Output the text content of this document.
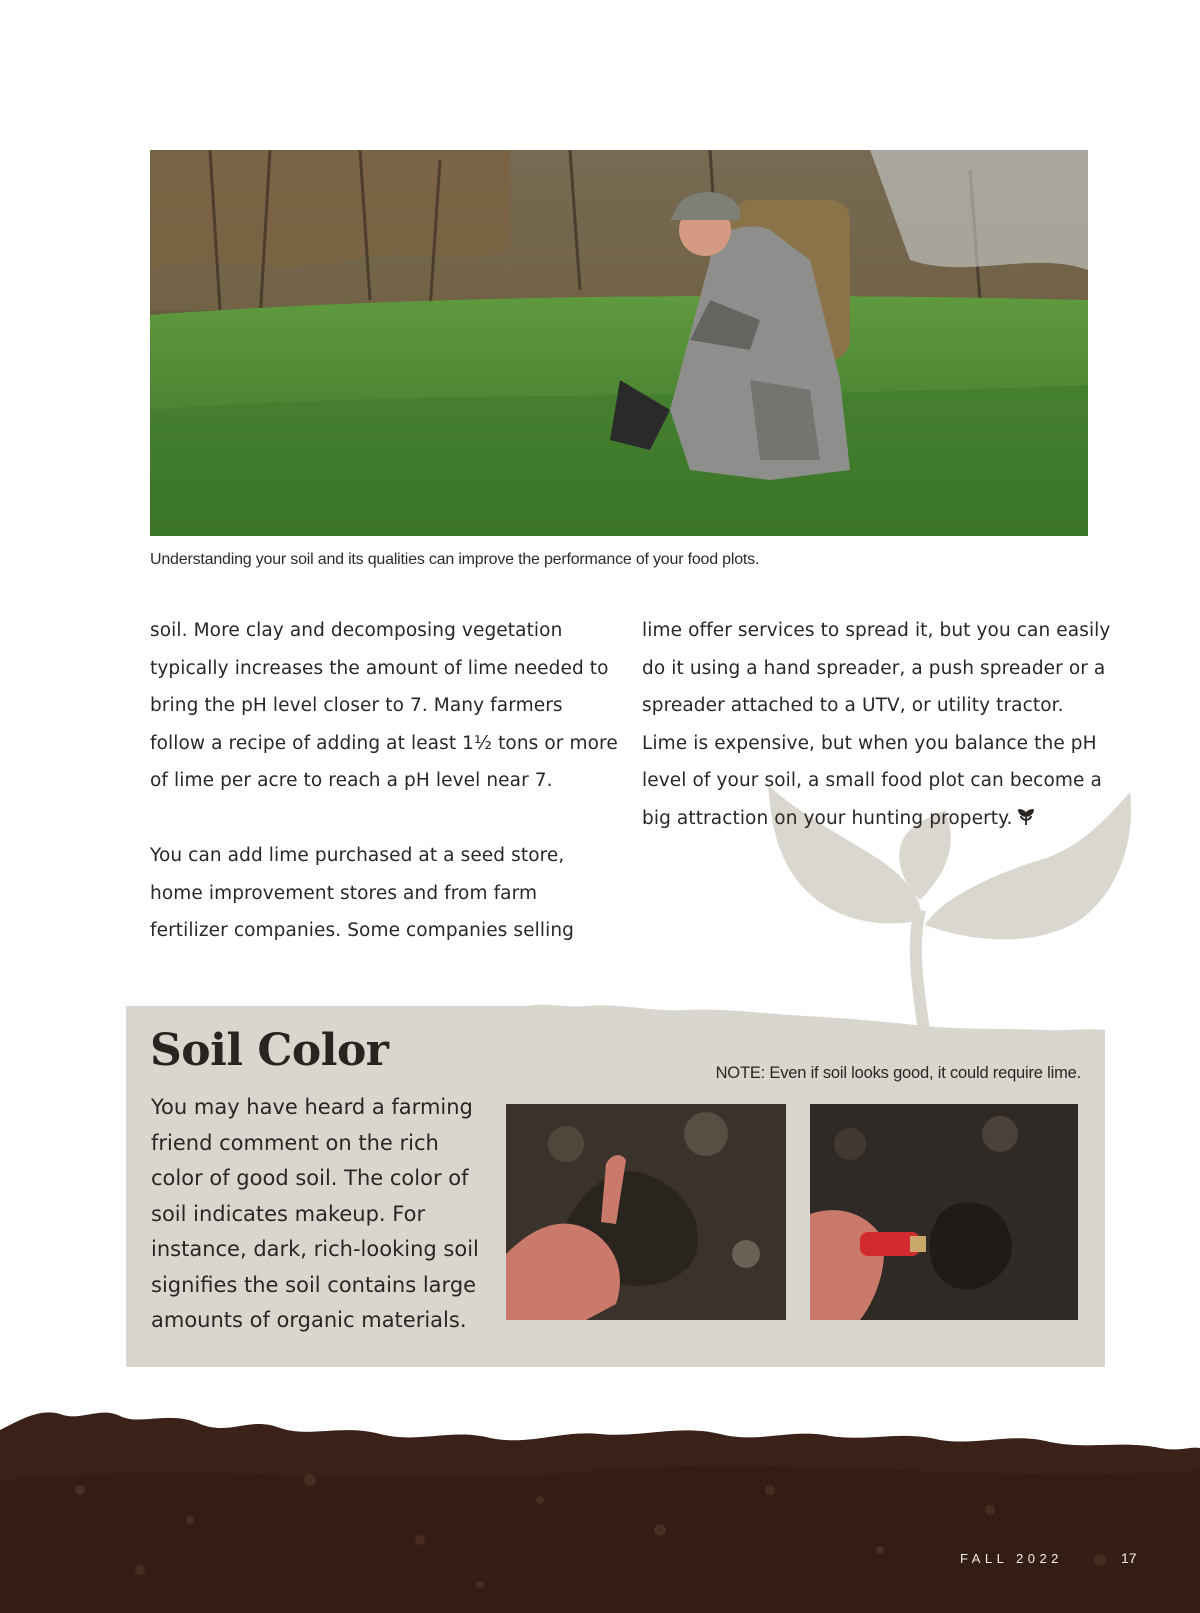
Understanding your soil and its qualities can improve the performance of your food plots.

soil. More clay and decomposing vegetation typically increases the amount of lime needed to bring the pH level closer to 7. Many farmers follow a recipe of adding at least 1½ tons or more of lime per acre to reach a pH level near 7.

You can add lime purchased at a seed store, home improvement stores and from farm fertilizer companies. Some companies selling

lime offer services to spread it, but you can easily do it using a hand spreader, a push spreader or a spreader attached to a UTV, or utility tractor. Lime is expensive, but when you balance the pH level of your soil, a small food plot can become a big attraction on your hunting property.

Soil Color

You may have heard a farming friend comment on the rich color of good soil. The color of soil indicates makeup. For instance, dark, rich-looking soil signifies the soil contains large amounts of organic materials.

NOTE: Even if soil looks good, it could require lime.
FALL 2022	17
